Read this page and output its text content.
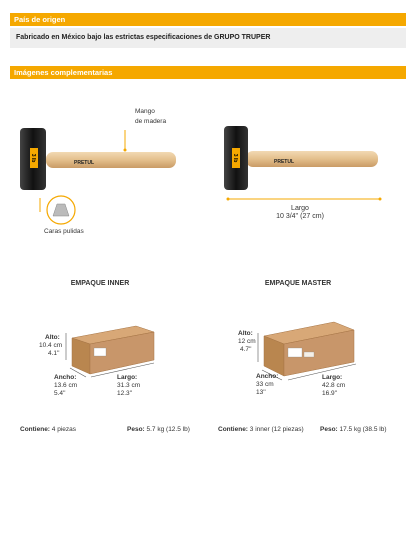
País de origen
Fabricado en México bajo las estrictas especificaciones de GRUPO TRUPER
Imágenes complementarias
3 lb
PRETUL
Mango
de madera
Caras pulidas
3 lb	PRETUL
Largo
10 3/4'' (27 cm)
EMPAQUE INNER	EMPAQUE MASTER
Alto:
10.4 cm
4.1''
Ancho:
13.6 cm
5.4''
Largo:
31.3 cm
12.3''
Alto:
12 cm
4.7''
Ancho:
33 cm
13''
Largo:
42.8 cm
16.9''
Contiene: 4 piezas	Peso: 5.7 kg (12.5 lb)	Contiene: 3 inner (12 piezas)	Peso: 17.5 kg (38.5 lb)
